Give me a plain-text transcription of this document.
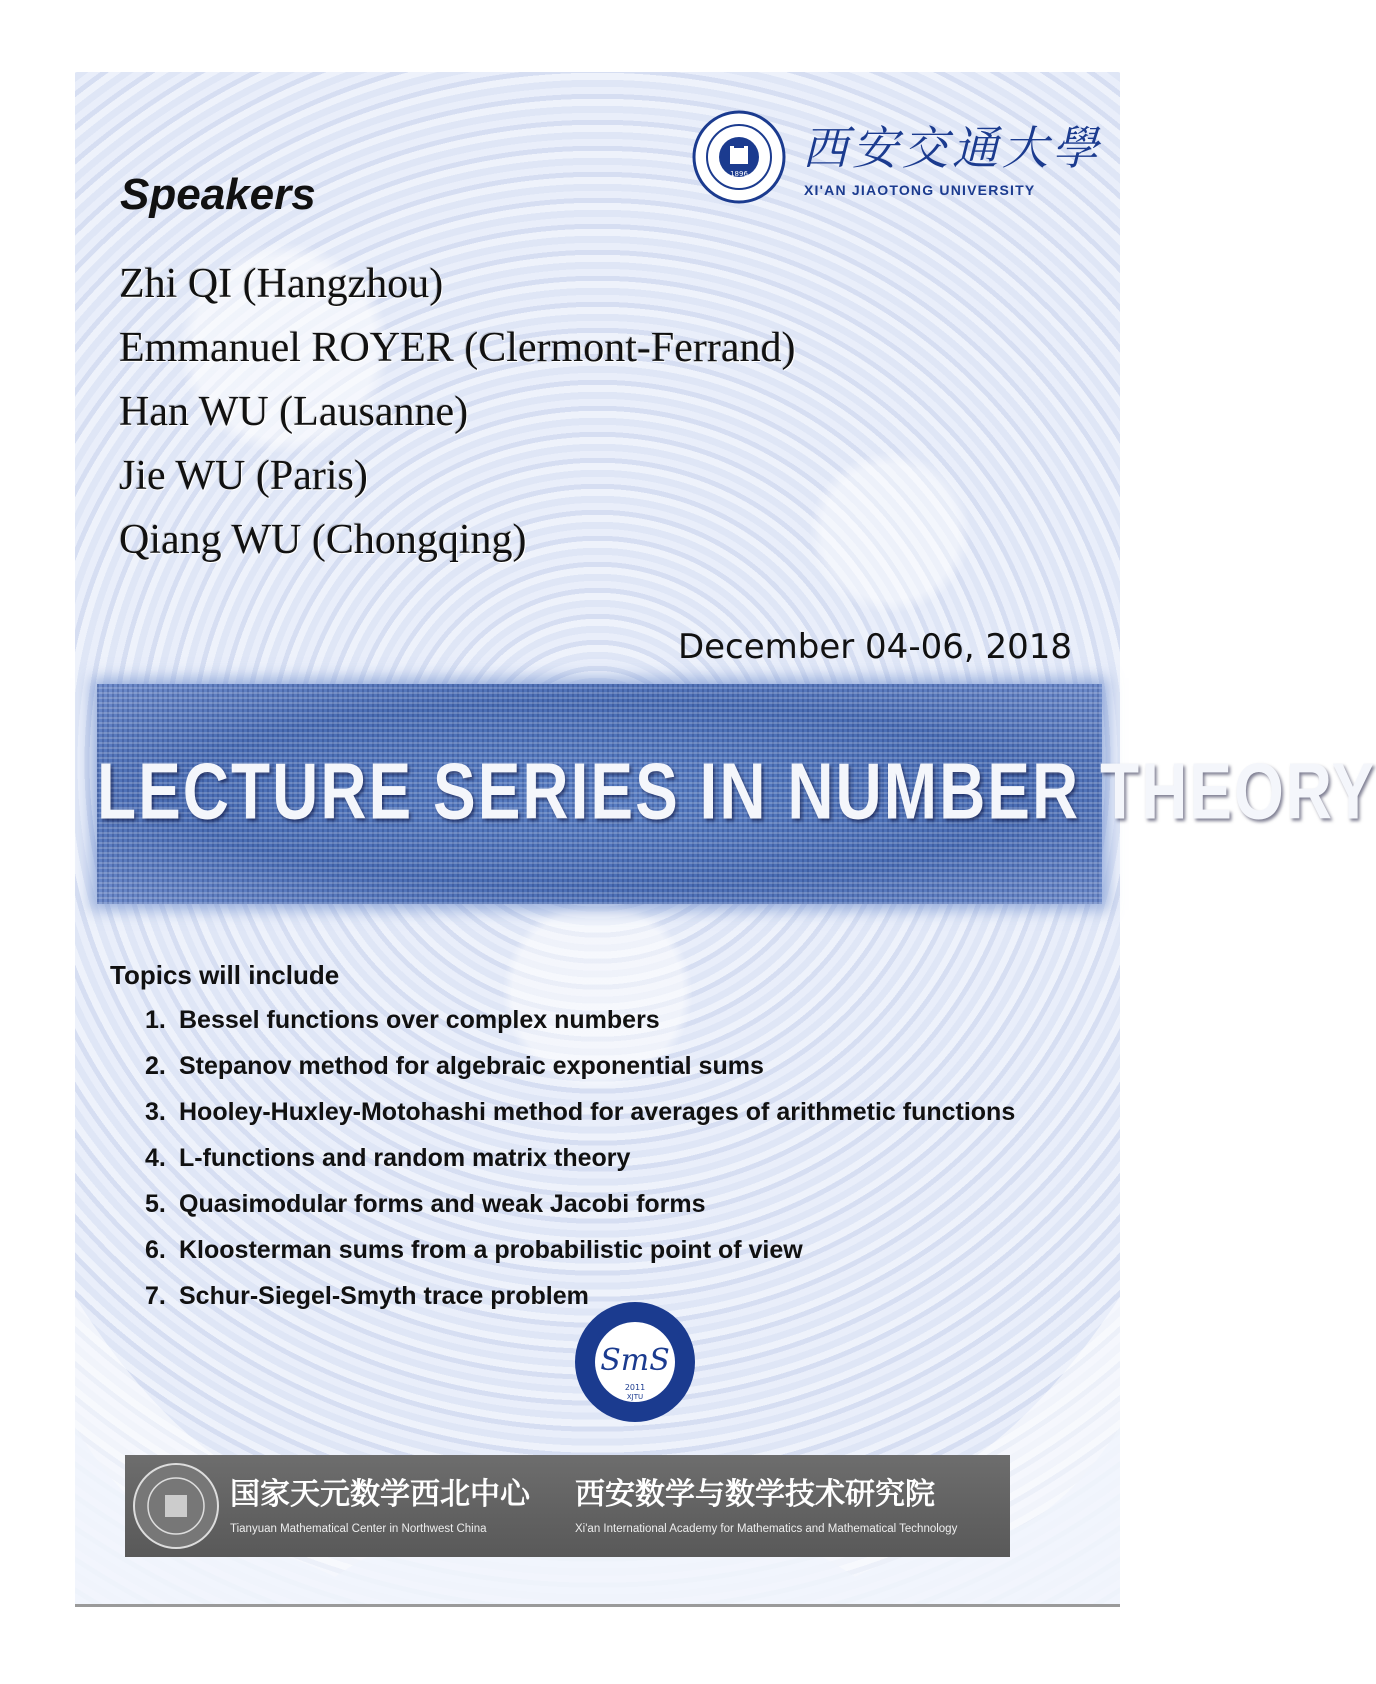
1896 西安交通大學
XI'AN JIAOTONG UNIVERSITY
Speakers
Zhi QI (Hangzhou)
Emmanuel ROYER (Clermont-Ferrand)
Han WU (Lausanne)
Jie WU (Paris)
Qiang WU (Chongqing)
December 04-06, 2018
LECTURE SERIES IN NUMBER THEORY
Topics will include
1. Bessel functions over complex numbers
2. Stepanov method for algebraic exponential sums
3. Hooley-Huxley-Motohashi method for averages of arithmetic functions
4. L-functions and random matrix theory
5. Quasimodular forms and weak Jacobi forms
6. Kloosterman sums from a probabilistic point of view
7. Schur-Siegel-Smyth trace problem
SmS
2011
XJTU
国家天元数学西北中心 西安数学与数学技术研究院
Tianyuan Mathematical Center in Northwest China	Xi'an International Academy for Mathematics and Mathematical Technology
